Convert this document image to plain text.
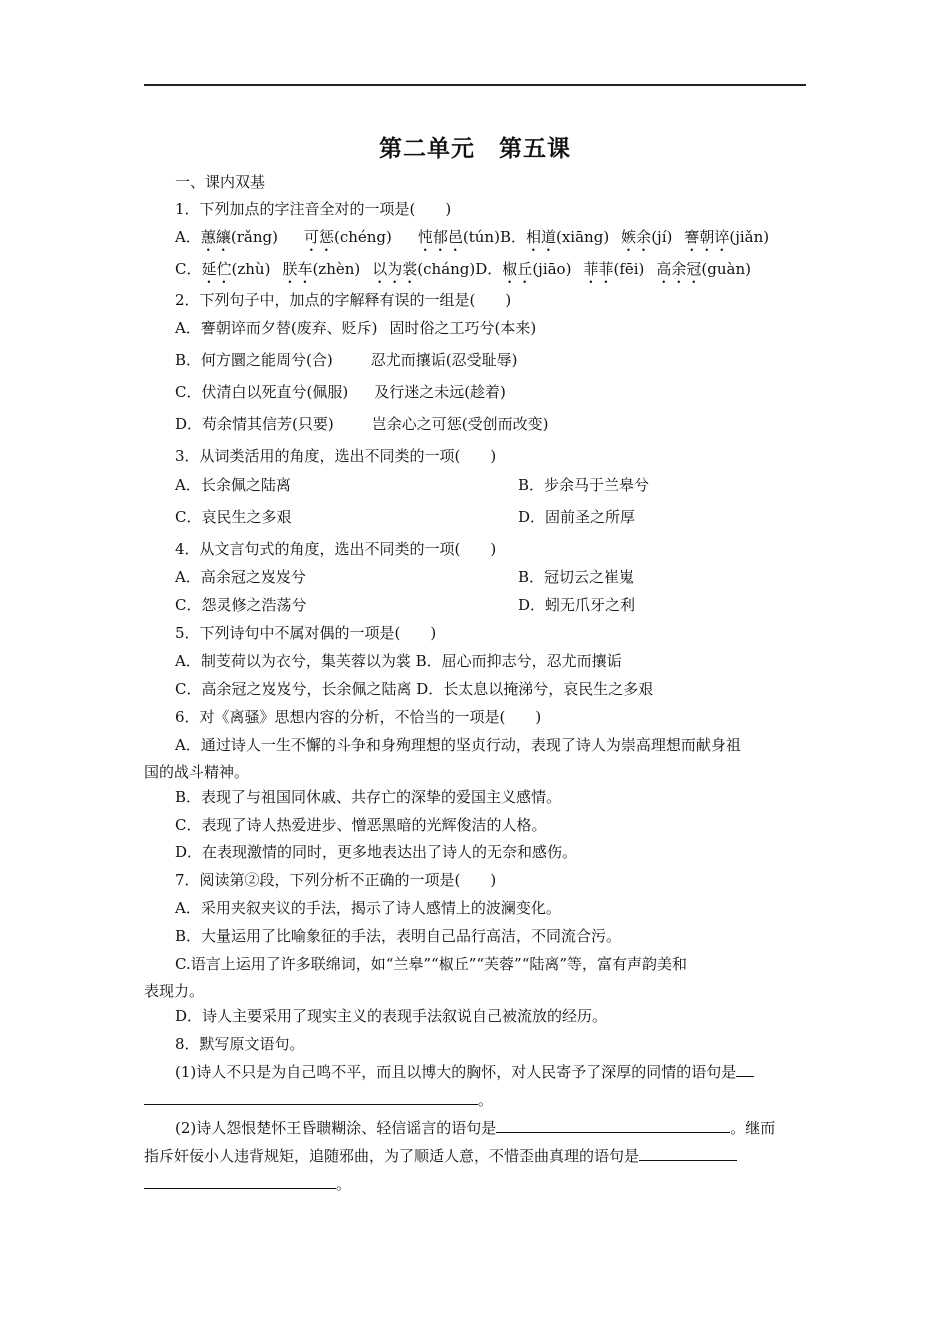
第二单元　第五课
一、课内双基
1．下列加点的字注音全对的一项是(　　)
A．蕙纕(rǎng) 可惩(chéng) 忳郁邑(tún)B．相道(xiāng) 嫉余(jí) 謇朝谇(jiǎn)
C．延伫(zhù) 朕车(zhèn) 以为裳(cháng)D．椒丘(jiāo) 菲菲(fēi) 高余冠(guàn)
2．下列句子中，加点的字解释有误的一组是(　　)
A．謇朝谇而夕替(废弃、贬斥) 固时俗之工巧兮(本来)
B．何方圜之能周兮(合)	忍尤而攘诟(忍受耻辱)
C．伏清白以死直兮(佩服) 及行迷之未远(趁着)
D．苟余情其信芳(只要)	岂余心之可惩(受创而改变)
3．从词类活用的角度，选出不同类的一项(　　)
A．长余佩之陆离	B．步余马于兰皋兮
C．哀民生之多艰	D．固前圣之所厚
4．从文言句式的角度，选出不同类的一项(　　)
A．高余冠之岌岌兮	B．冠切云之崔嵬
C．怨灵修之浩荡兮	D．蚓无爪牙之利
5．下列诗句中不属对偶的一项是(　　)
A．制芰荷以为衣兮，集芙蓉以为裳 B．屈心而抑志兮，忍尤而攘诟
C．高余冠之岌岌兮，长余佩之陆离 D．长太息以掩涕兮，哀民生之多艰
6．对《离骚》思想内容的分析，不恰当的一项是(　　)
A．通过诗人一生不懈的斗争和身殉理想的坚贞行动，表现了诗人为崇高理想而献身祖
国的战斗精神。
B．表现了与祖国同休戚、共存亡的深挚的爱国主义感情。
C．表现了诗人热爱进步、憎恶黑暗的光辉俊洁的人格。
D．在表现激情的同时，更多地表达出了诗人的无奈和感伤。
7．阅读第②段，下列分析不正确的一项是(　　)
A．采用夹叙夹议的手法，揭示了诗人感情上的波澜变化。
B．大量运用了比喻象征的手法，表明自己品行高洁，不同流合污。
C.语言上运用了许多联绵词，如“兰皋”“椒丘”“芙蓉”“陆离”等，富有声韵美和
表现力。
D．诗人主要采用了现实主义的表现手法叙说自己被流放的经历。
8．默写原文语句。
(1)诗人不只是为自己鸣不平，而且以博大的胸怀，对人民寄予了深厚的同情的语句是
。
(2)诗人怨恨楚怀王昏聩糊涂、轻信谣言的语句是	。继而
指斥奸佞小人违背规矩，追随邪曲，为了顺适人意，不惜歪曲真理的语句是
。
